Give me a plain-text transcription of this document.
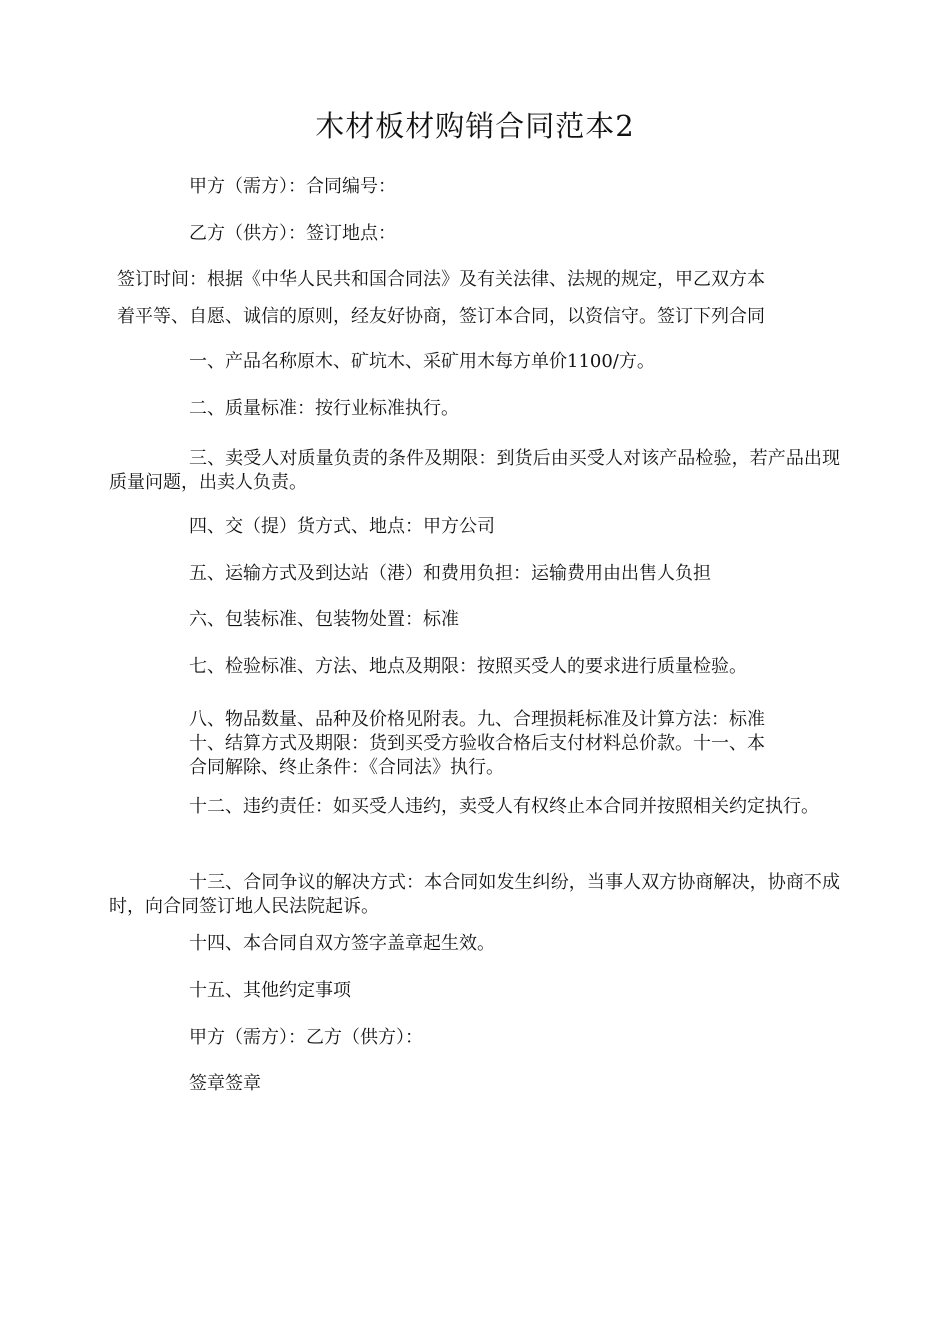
木材板材购销合同范本2
甲方（需方）：合同编号：
乙方（供方）：签订地点：
签订时间：根据《中华人民共和国合同法》及有关法律、法规的规定，甲乙双方本
着平等、自愿、诚信的原则，经友好协商，签订本合同，以资信守。签订下列合同
一、产品名称原木、矿坑木、采矿用木每方单价1100/方。
二、质量标准：按行业标准执行。
三、卖受人对质量负责的条件及期限：到货后由买受人对该产品检验，若产品出现质量问题，出卖人负责。
四、交（提）货方式、地点：甲方公司
五、运输方式及到达站（港）和费用负担：运输费用由出售人负担
六、包装标准、包装物处置：标准
七、检验标准、方法、地点及期限：按照买受人的要求进行质量检验。
八、物品数量、品种及价格见附表。九、合理损耗标准及计算方法：标准
十、结算方式及期限：货到买受方验收合格后支付材料总价款。十一、本
合同解除、终止条件：《合同法》执行。
十二、违约责任：如买受人违约，卖受人有权终止本合同并按照相关约定执行。
十三、合同争议的解决方式：本合同如发生纠纷，当事人双方协商解决，协商不成时，向合同签订地人民法院起诉。
十四、本合同自双方签字盖章起生效。
十五、其他约定事项
甲方（需方）：乙方（供方）：
签章签章
